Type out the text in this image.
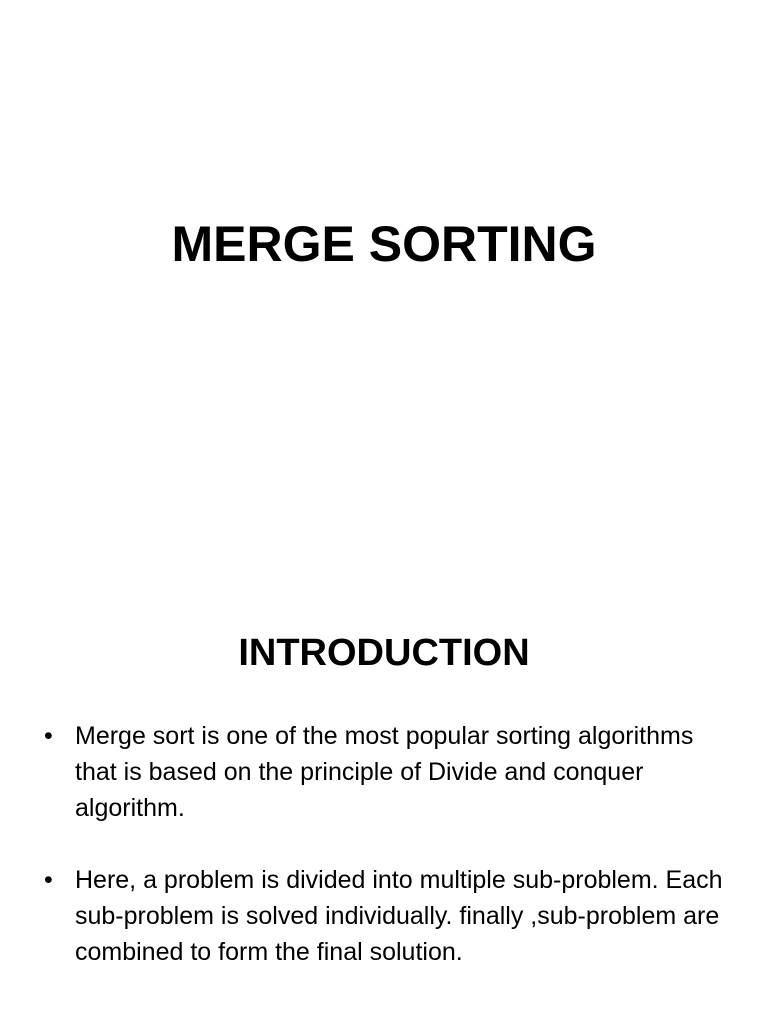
MERGE SORTING
INTRODUCTION
• Merge sort is one of the most popular sorting algorithms that is based on the principle of Divide and conquer algorithm.
• Here, a problem is divided into multiple sub-problem. Each sub-problem is solved individually. finally ,sub-problem are combined to form the final solution.
